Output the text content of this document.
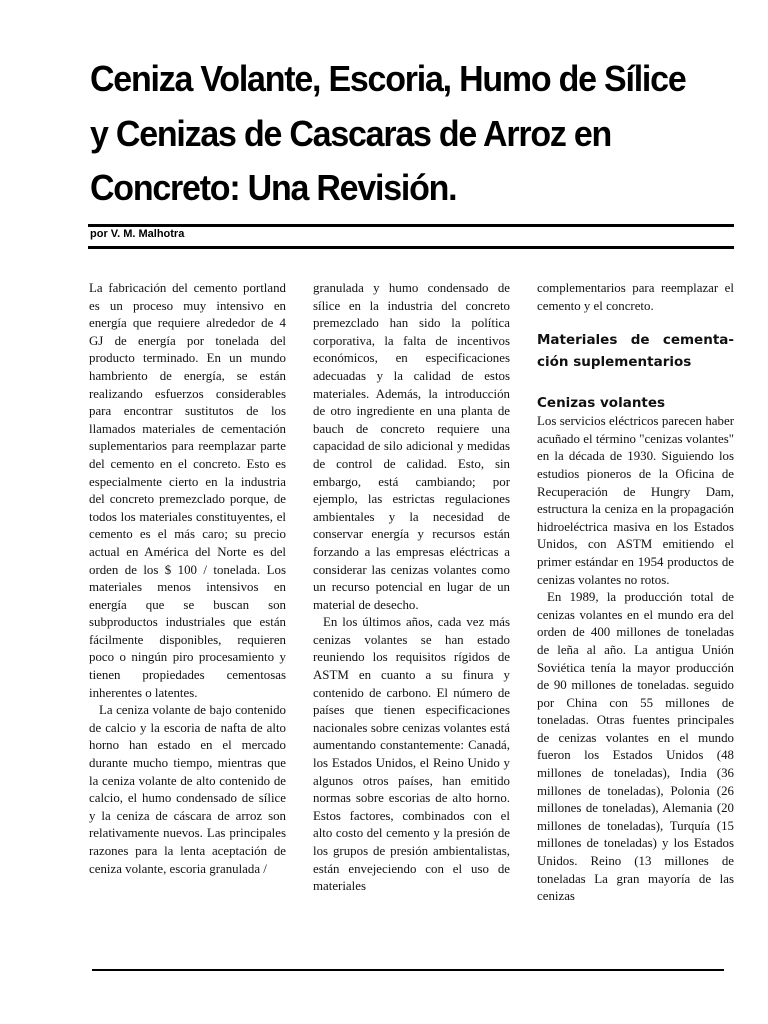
Ceniza Volante, Escoria, Humo de Sílice y Cenizas de Cascaras de Arroz en Concreto: Una Revisión.
por V. M. Malhotra

La fabricación del cemento portland es un proceso muy intensivo en energía que requiere alrededor de 4 GJ de energía por tonelada del producto terminado. En un mundo hambriento de energía, se están realizando esfuerzos considerables para encontrar sustitutos de los llamados materiales de cementación suplementarios para reemplazar parte del cemento en el concreto. Esto es especialmente cierto en la industria del concreto premezclado porque, de todos los materiales constituyentes, el cemento es el más caro; su precio actual en América del Norte es del orden de los $ 100 / tonelada. Los materiales menos intensivos en energía que se buscan son subproductos industriales que están fácilmente disponibles, requieren poco o ningún piro procesamiento y tienen propiedades cementosas inherentes o latentes.

La ceniza volante de bajo contenido de calcio y la escoria de nafta de alto horno han estado en el mercado durante mucho tiempo, mientras que la ceniza volante de alto contenido de calcio, el humo condensado de sílice y la ceniza de cáscara de arroz son relativamente nuevos. Las principales razones para la lenta aceptación de ceniza volante, escoria granulada /

granulada y humo condensado de sílice en la industria del concreto premezclado han sido la política corporativa, la falta de incentivos económicos, en especificaciones adecuadas y la calidad de estos materiales. Además, la introducción de otro ingrediente en una planta de bauch de concreto requiere una capacidad de silo adicional y medidas de control de calidad. Esto, sin embargo, está cambiando; por ejemplo, las estrictas regulaciones ambientales y la necesidad de conservar energía y recursos están forzando a las empresas eléctricas a considerar las cenizas volantes como un recurso potencial en lugar de un material de desecho.

En los últimos años, cada vez más cenizas volantes se han estado reuniendo los requisitos rígidos de ASTM en cuanto a su finura y contenido de carbono. El número de países que tienen especificaciones nacionales sobre cenizas volantes está aumentando constantemente: Canadá, los Estados Unidos, el Reino Unido y algunos otros países, han emitido normas sobre escorias de alto horno. Estos factores, combinados con el alto costo del cemento y la presión de los grupos de presión ambientalistas, están envejeciendo con el uso de materiales

complementarios para reemplazar el cemento y el concreto.

Materiales de cementa-ción suplementarios
Cenizas volantes

Los servicios eléctricos parecen haber acuñado el término "cenizas volantes" en la década de 1930. Siguiendo los estudios pioneros de la Oficina de Recuperación de Hungry Dam, estructura la ceniza en la propagación hidroeléctrica masiva en los Estados Unidos, con ASTM emitiendo el primer estándar en 1954 productos de cenizas volantes no rotos.

En 1989, la producción total de cenizas volantes en el mundo era del orden de 400 millones de toneladas de leña al año. La antigua Unión Soviética tenía la mayor producción de 90 millones de toneladas. seguido por China con 55 millones de toneladas. Otras fuentes principales de cenizas volantes en el mundo fueron los Estados Unidos (48 millones de toneladas), India (36 millones de toneladas), Polonia (26 millones de toneladas), Alemania (20 millones de toneladas), Turquía (15 millones de toneladas) y los Estados Unidos. Reino (13 millones de toneladas La gran mayoría de las cenizas
